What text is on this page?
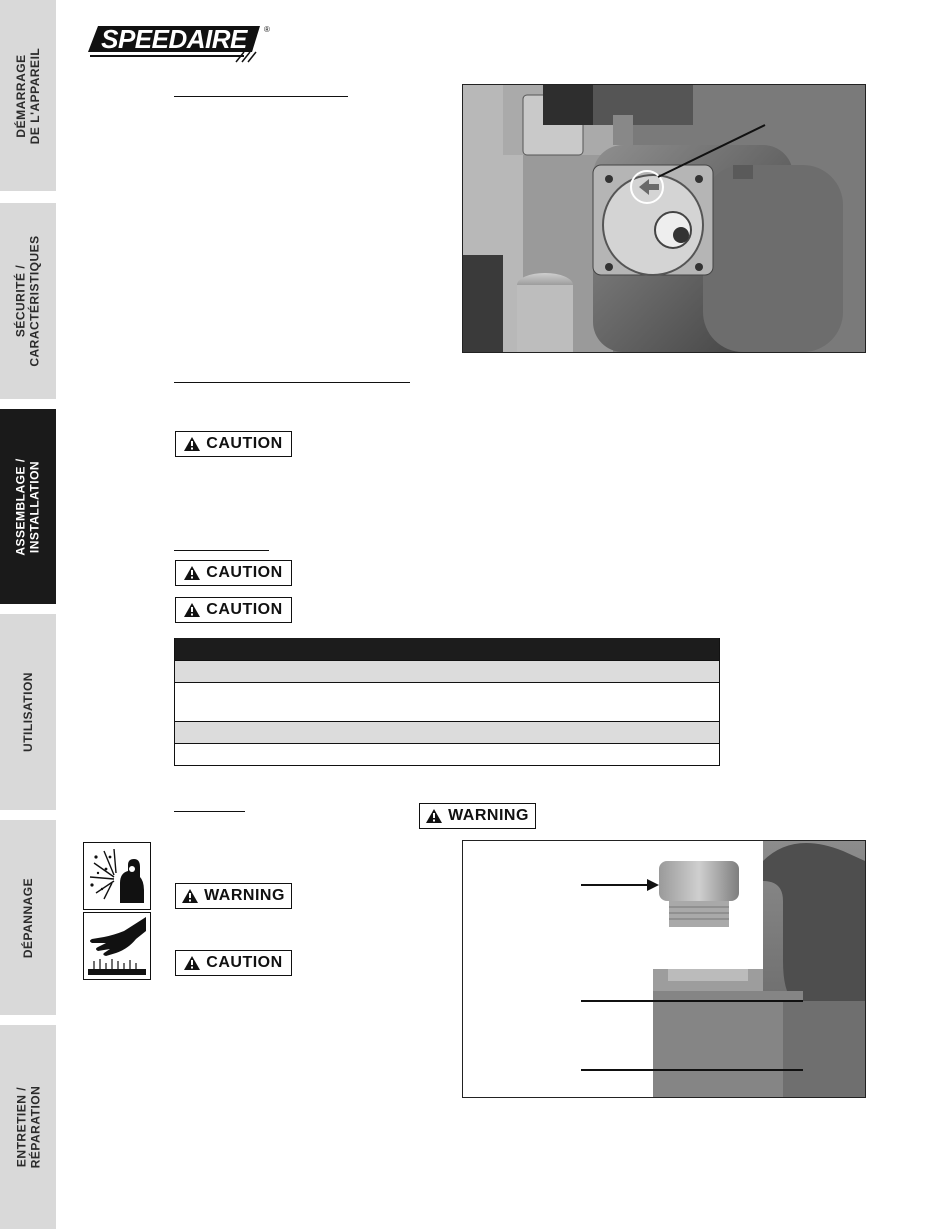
DÉMARRAGE DE L'APPAREIL
SÉCURITÉ / CARACTÉRISTIQUES
ASSEMBLAGE / INSTALLATION
UTILISATION
DÉPANNAGE
ENTRETIEN / RÉPARATION
SPEEDAIRE ®
CAUTION
CAUTION
CAUTION
WARNING
WARNING
CAUTION
